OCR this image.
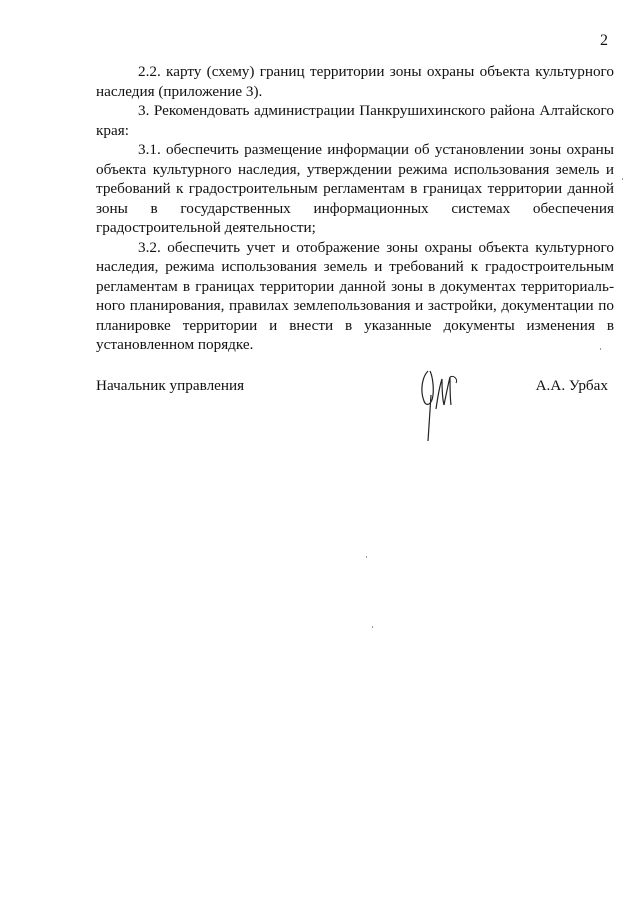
2

2.2. карту (схему) границ территории зоны охраны объекта культурного наследия (приложение 3).

3. Рекомендовать администрации Панкрушихинского района Алтайского края:

3.1. обеспечить размещение информации об установлении зоны охраны объекта культурного наследия, утверждении режима использования земель и требований к градостроительным регламентам в границах территории данной зоны в государственных информационных системах обеспечения градостроительной деятельности;

3.2. обеспечить учет и отображение зоны охраны объекта культурного наследия, режима использования земель и требований к градостроительным регламентам в границах территории данной зоны в документах территориального планирования, правилах землепользования и застройки, документации по планировке территории и внести в указанные документы изменения в установленном порядке.

Начальник управления	А.А. Урбах
